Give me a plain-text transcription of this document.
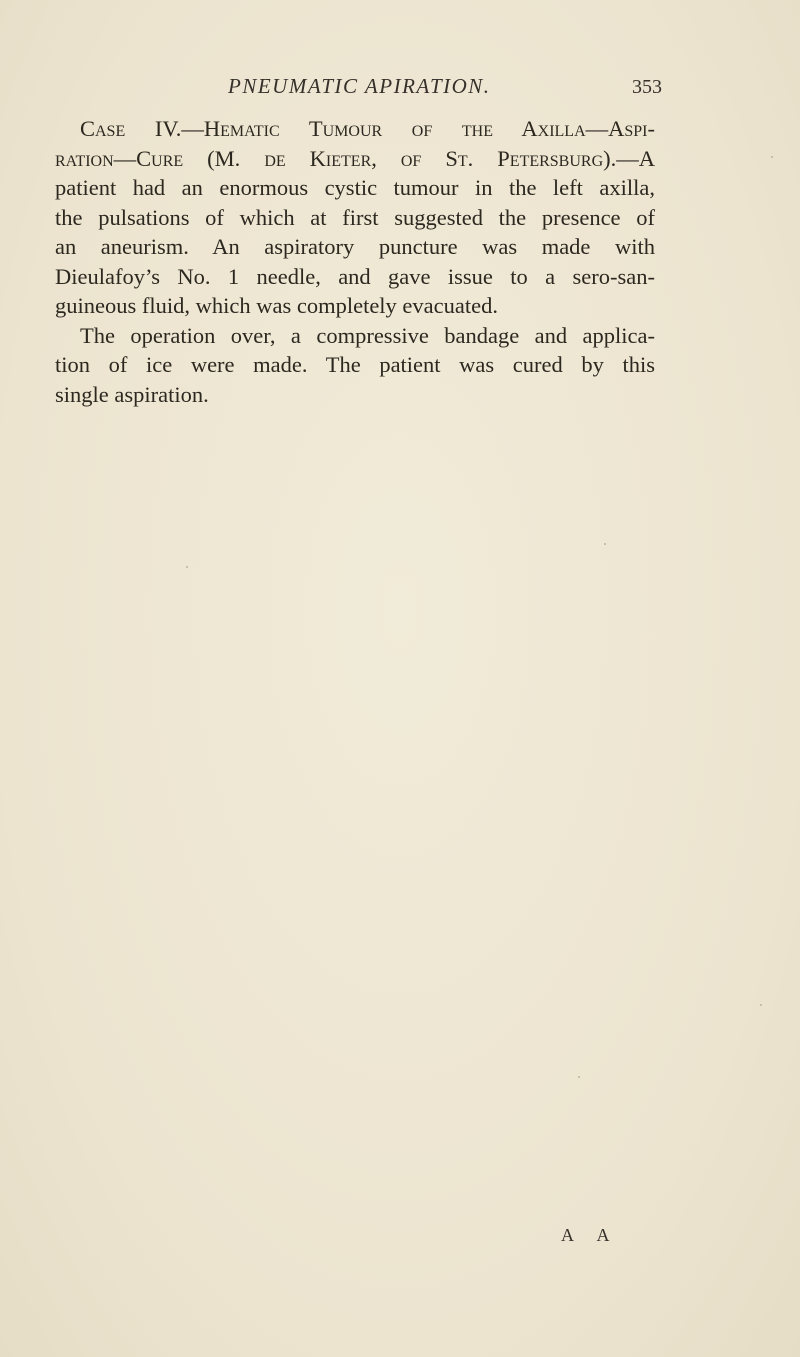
PNEUMATIC APIRATION.	353
Case IV.—Hematic Tumour of the Axilla—Aspi-
ration—Cure (M. de Kieter, of St. Petersburg).—A
patient had an enormous cystic tumour in the left axilla,
the pulsations of which at first suggested the presence of
an aneurism. An aspiratory puncture was made with
Dieulafoy’s No. 1 needle, and gave issue to a sero-san-
guineous fluid, which was completely evacuated.
The operation over, a compressive bandage and applica-
tion of ice were made. The patient was cured by this
single aspiration.
A A
